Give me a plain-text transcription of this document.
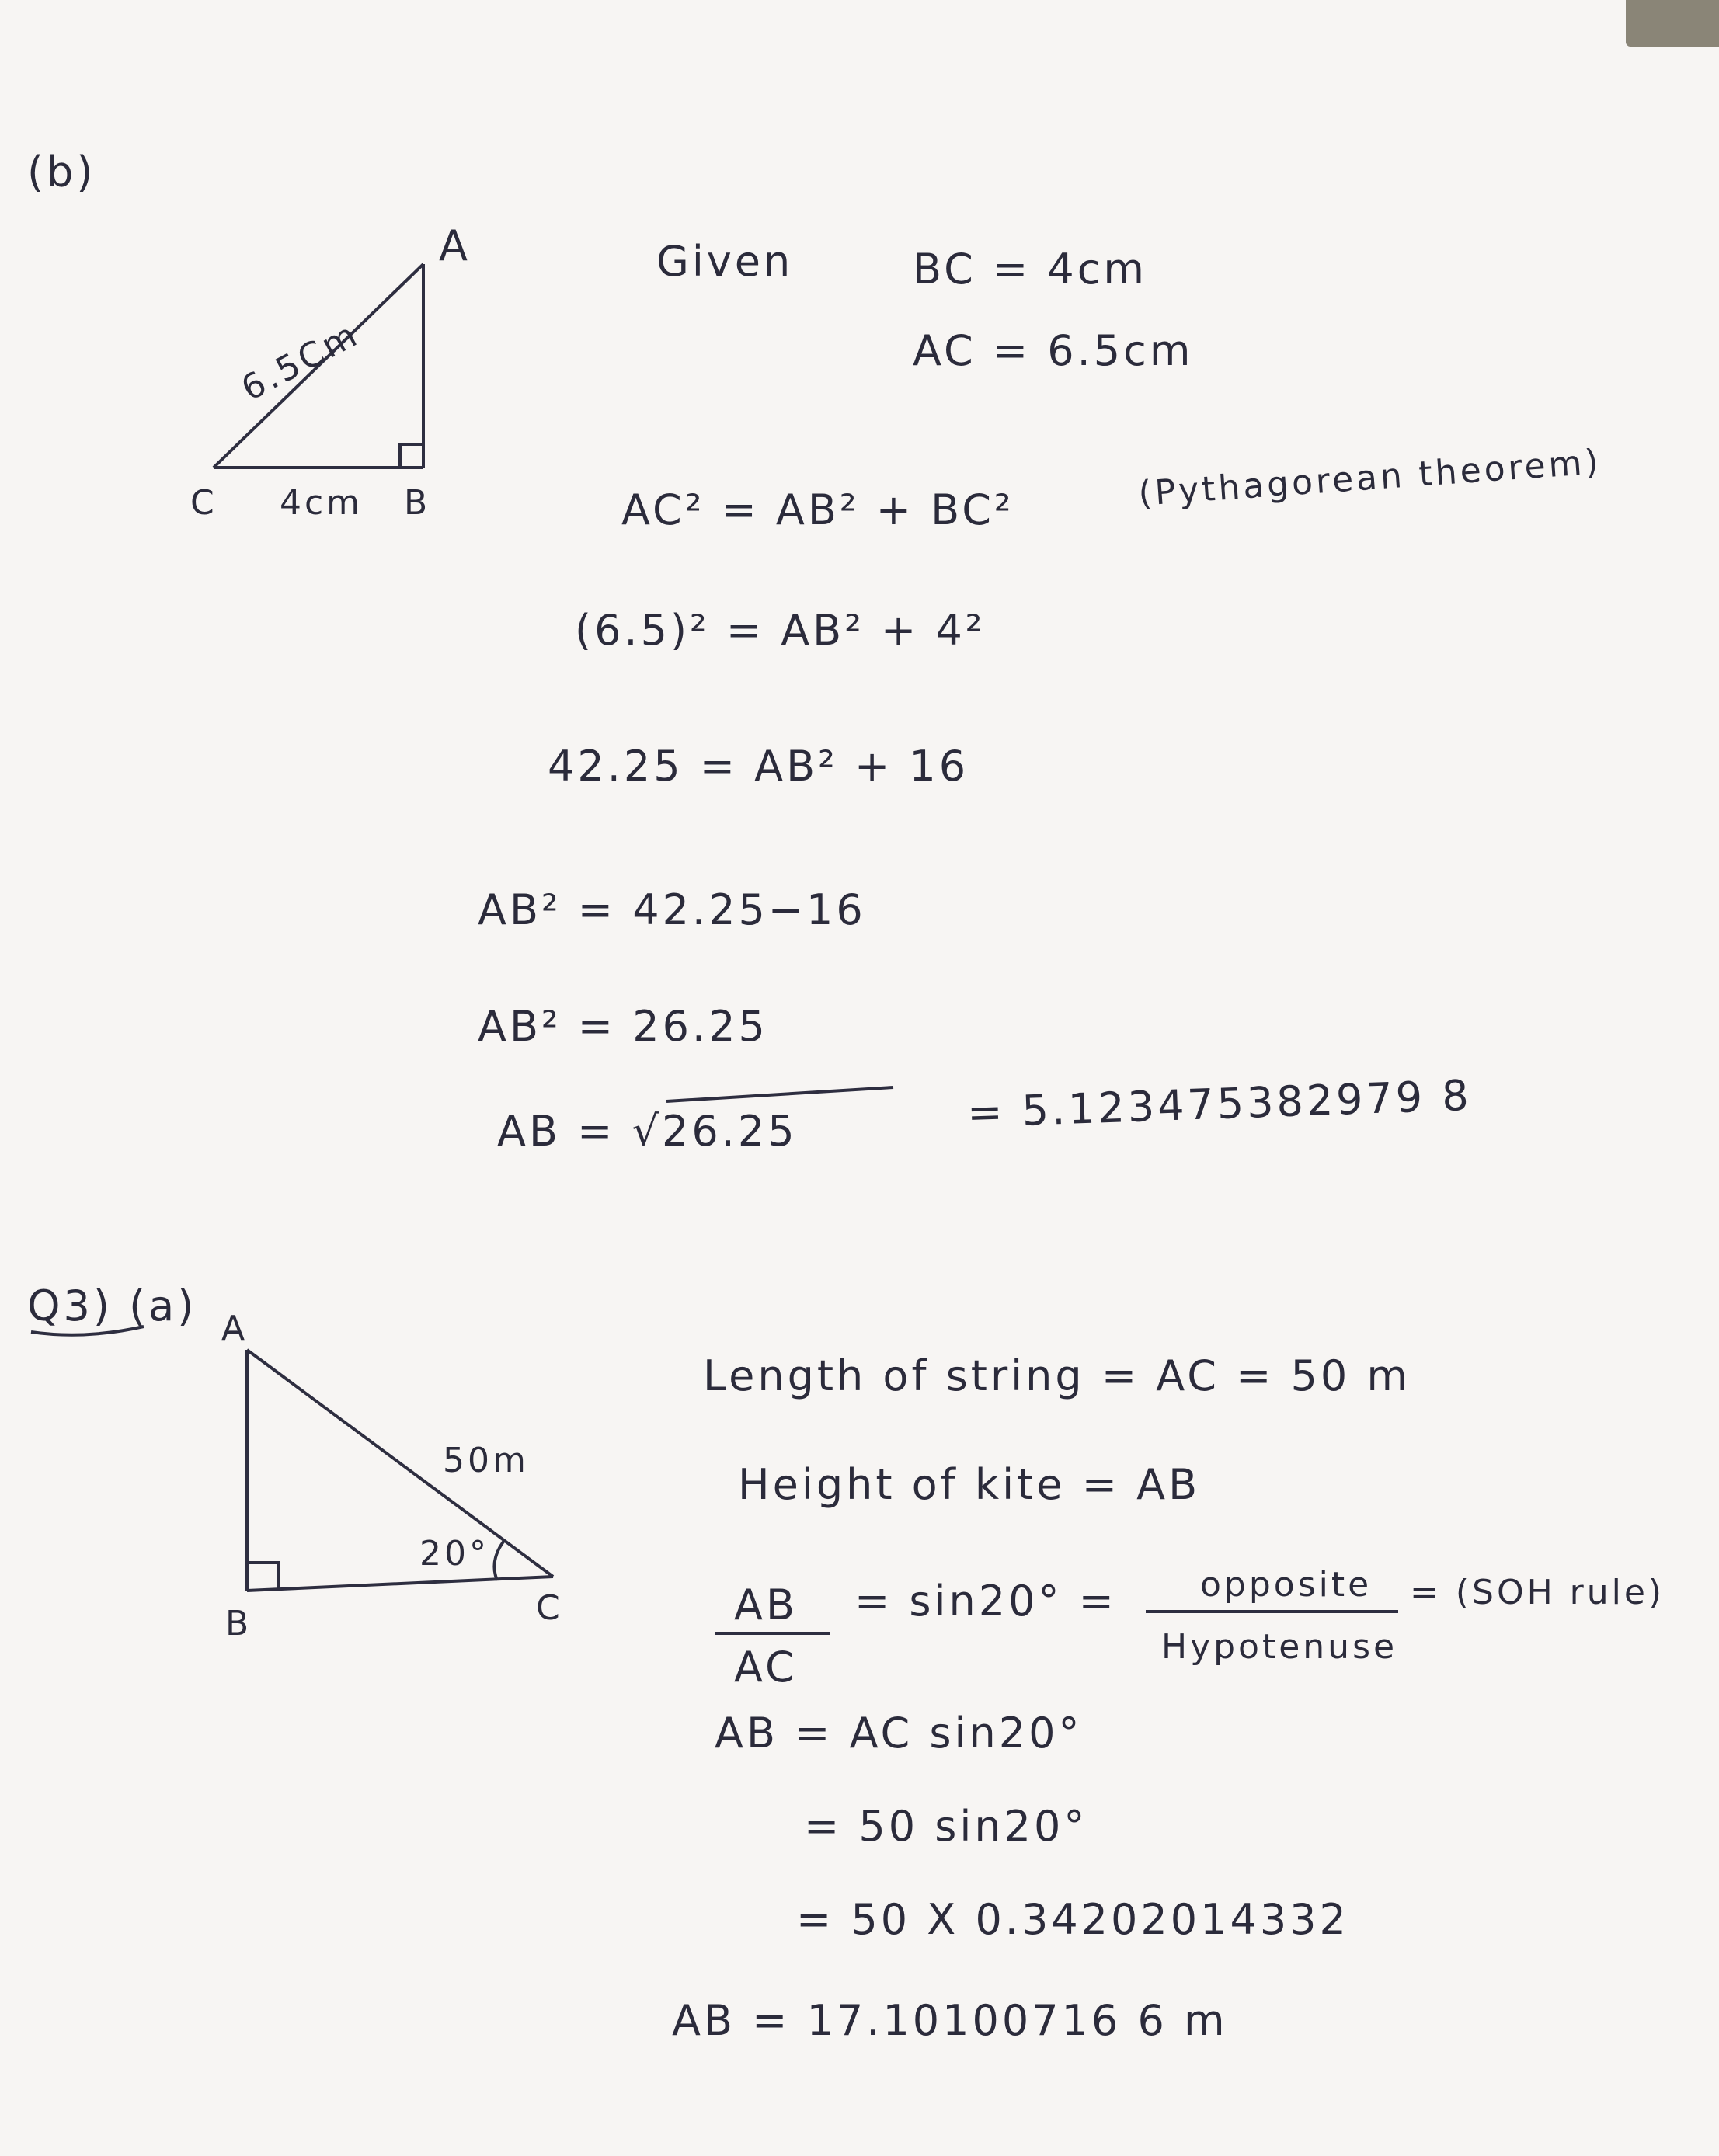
(b)
A
6.5Cm
C 4cm B
Given	BC = 4cm
AC = 6.5cm
AC² = AB² + BC²	(Pythagorean theorem)
(6.5)² = AB² + 4²
42.25 = AB² + 16
AB² = 42.25−16
AB² = 26.25
AB = √26.25	= 5.123475382979 8
Q3) (a) A
50m
20°
B	C
Length of string = AC = 50 m
Height of kite = AB
AB
AC
= sin20° = opposite
Hypotenuse
= (SOH rule)
AB = AC sin20°
= 50 sin20°
= 50 X 0.34202014332
AB = 17.10100716 6 m
